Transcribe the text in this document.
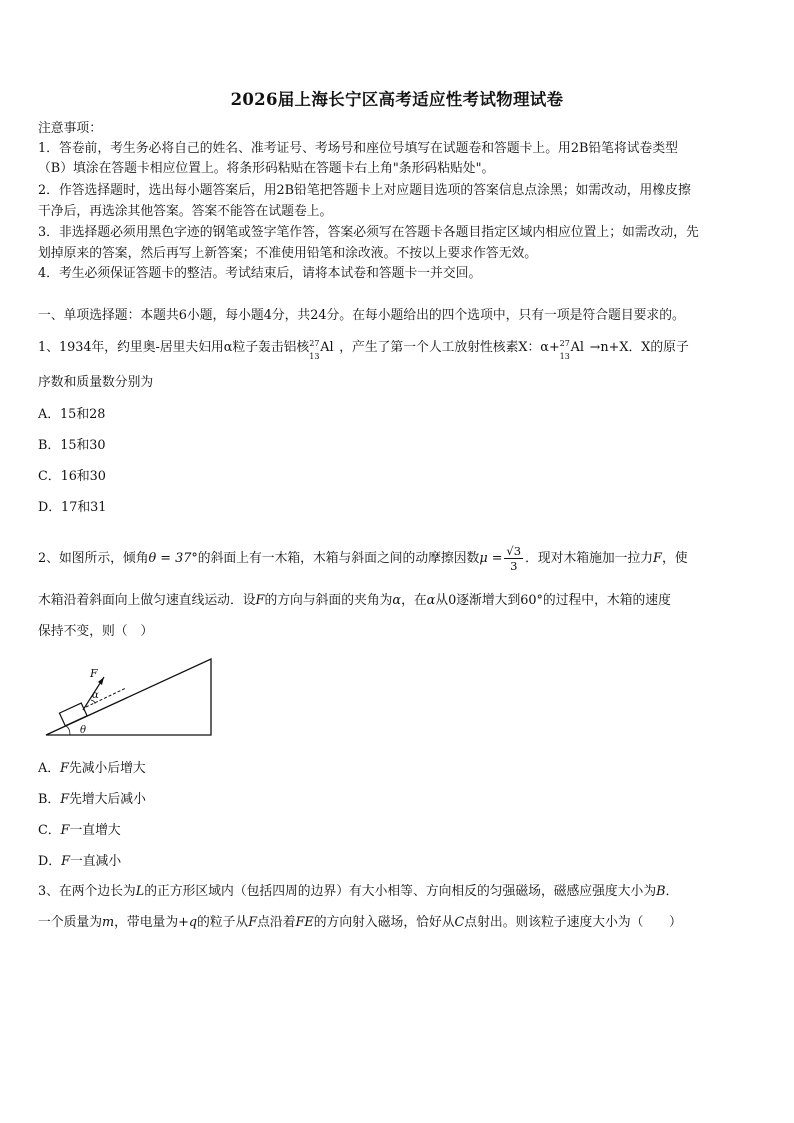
2026届上海长宁区高考适应性考试物理试卷
注意事项：
1．答卷前，考生务必将自己的姓名、准考证号、考场号和座位号填写在试题卷和答题卡上。用2B铅笔将试卷类型
（B）填涂在答题卡相应位置上。将条形码粘贴在答题卡右上角"条形码粘贴处"。
2．作答选择题时，选出每小题答案后，用2B铅笔把答题卡上对应题目选项的答案信息点涂黑；如需改动，用橡皮擦
干净后，再选涂其他答案。答案不能答在试题卷上。
3．非选择题必须用黑色字迹的钢笔或签字笔作答，答案必须写在答题卡各题目指定区域内相应位置上；如需改动，先
划掉原来的答案，然后再写上新答案；不准使用铅笔和涂改液。不按以上要求作答无效。
4．考生必须保证答题卡的整洁。考试结束后，请将本试卷和答题卡一并交回。
一、单项选择题：本题共6小题，每小题4分，共24分。在每小题给出的四个选项中，只有一项是符合题目要求的。
1、1934年，约里奥-居里夫妇用α粒子轰击铝核 27
13
Al ，产生了第一个人工放射性核素X：α+ 27
13
Al →n+X．X的原子
序数和质量数分别为
A．15和28
B．15和30
C．16和30
D．17和31
2、如图所示，倾角θ = 37°的斜面上有一木箱，木箱与斜面之间的动摩擦因数$\mu = \frac{√3}{3}$ ．现对木箱施加一拉力F，使
木箱沿着斜面向上做匀速直线运动．设F的方向与斜面的夹角为α，在α从0逐渐增大到60°的过程中，木箱的速度
保持不变，则（　）
F
α
θ
A．F先减小后增大
B．F先增大后减小
C．F一直增大
D．F一直减小
3、在两个边长为L的正方形区域内（包括四周的边界）有大小相等、方向相反的匀强磁场，磁感应强度大小为B．
一个质量为m，带电量为+q的粒子从F点沿着FE的方向射入磁场，恰好从C点射出。则该粒子速度大小为（　　）
